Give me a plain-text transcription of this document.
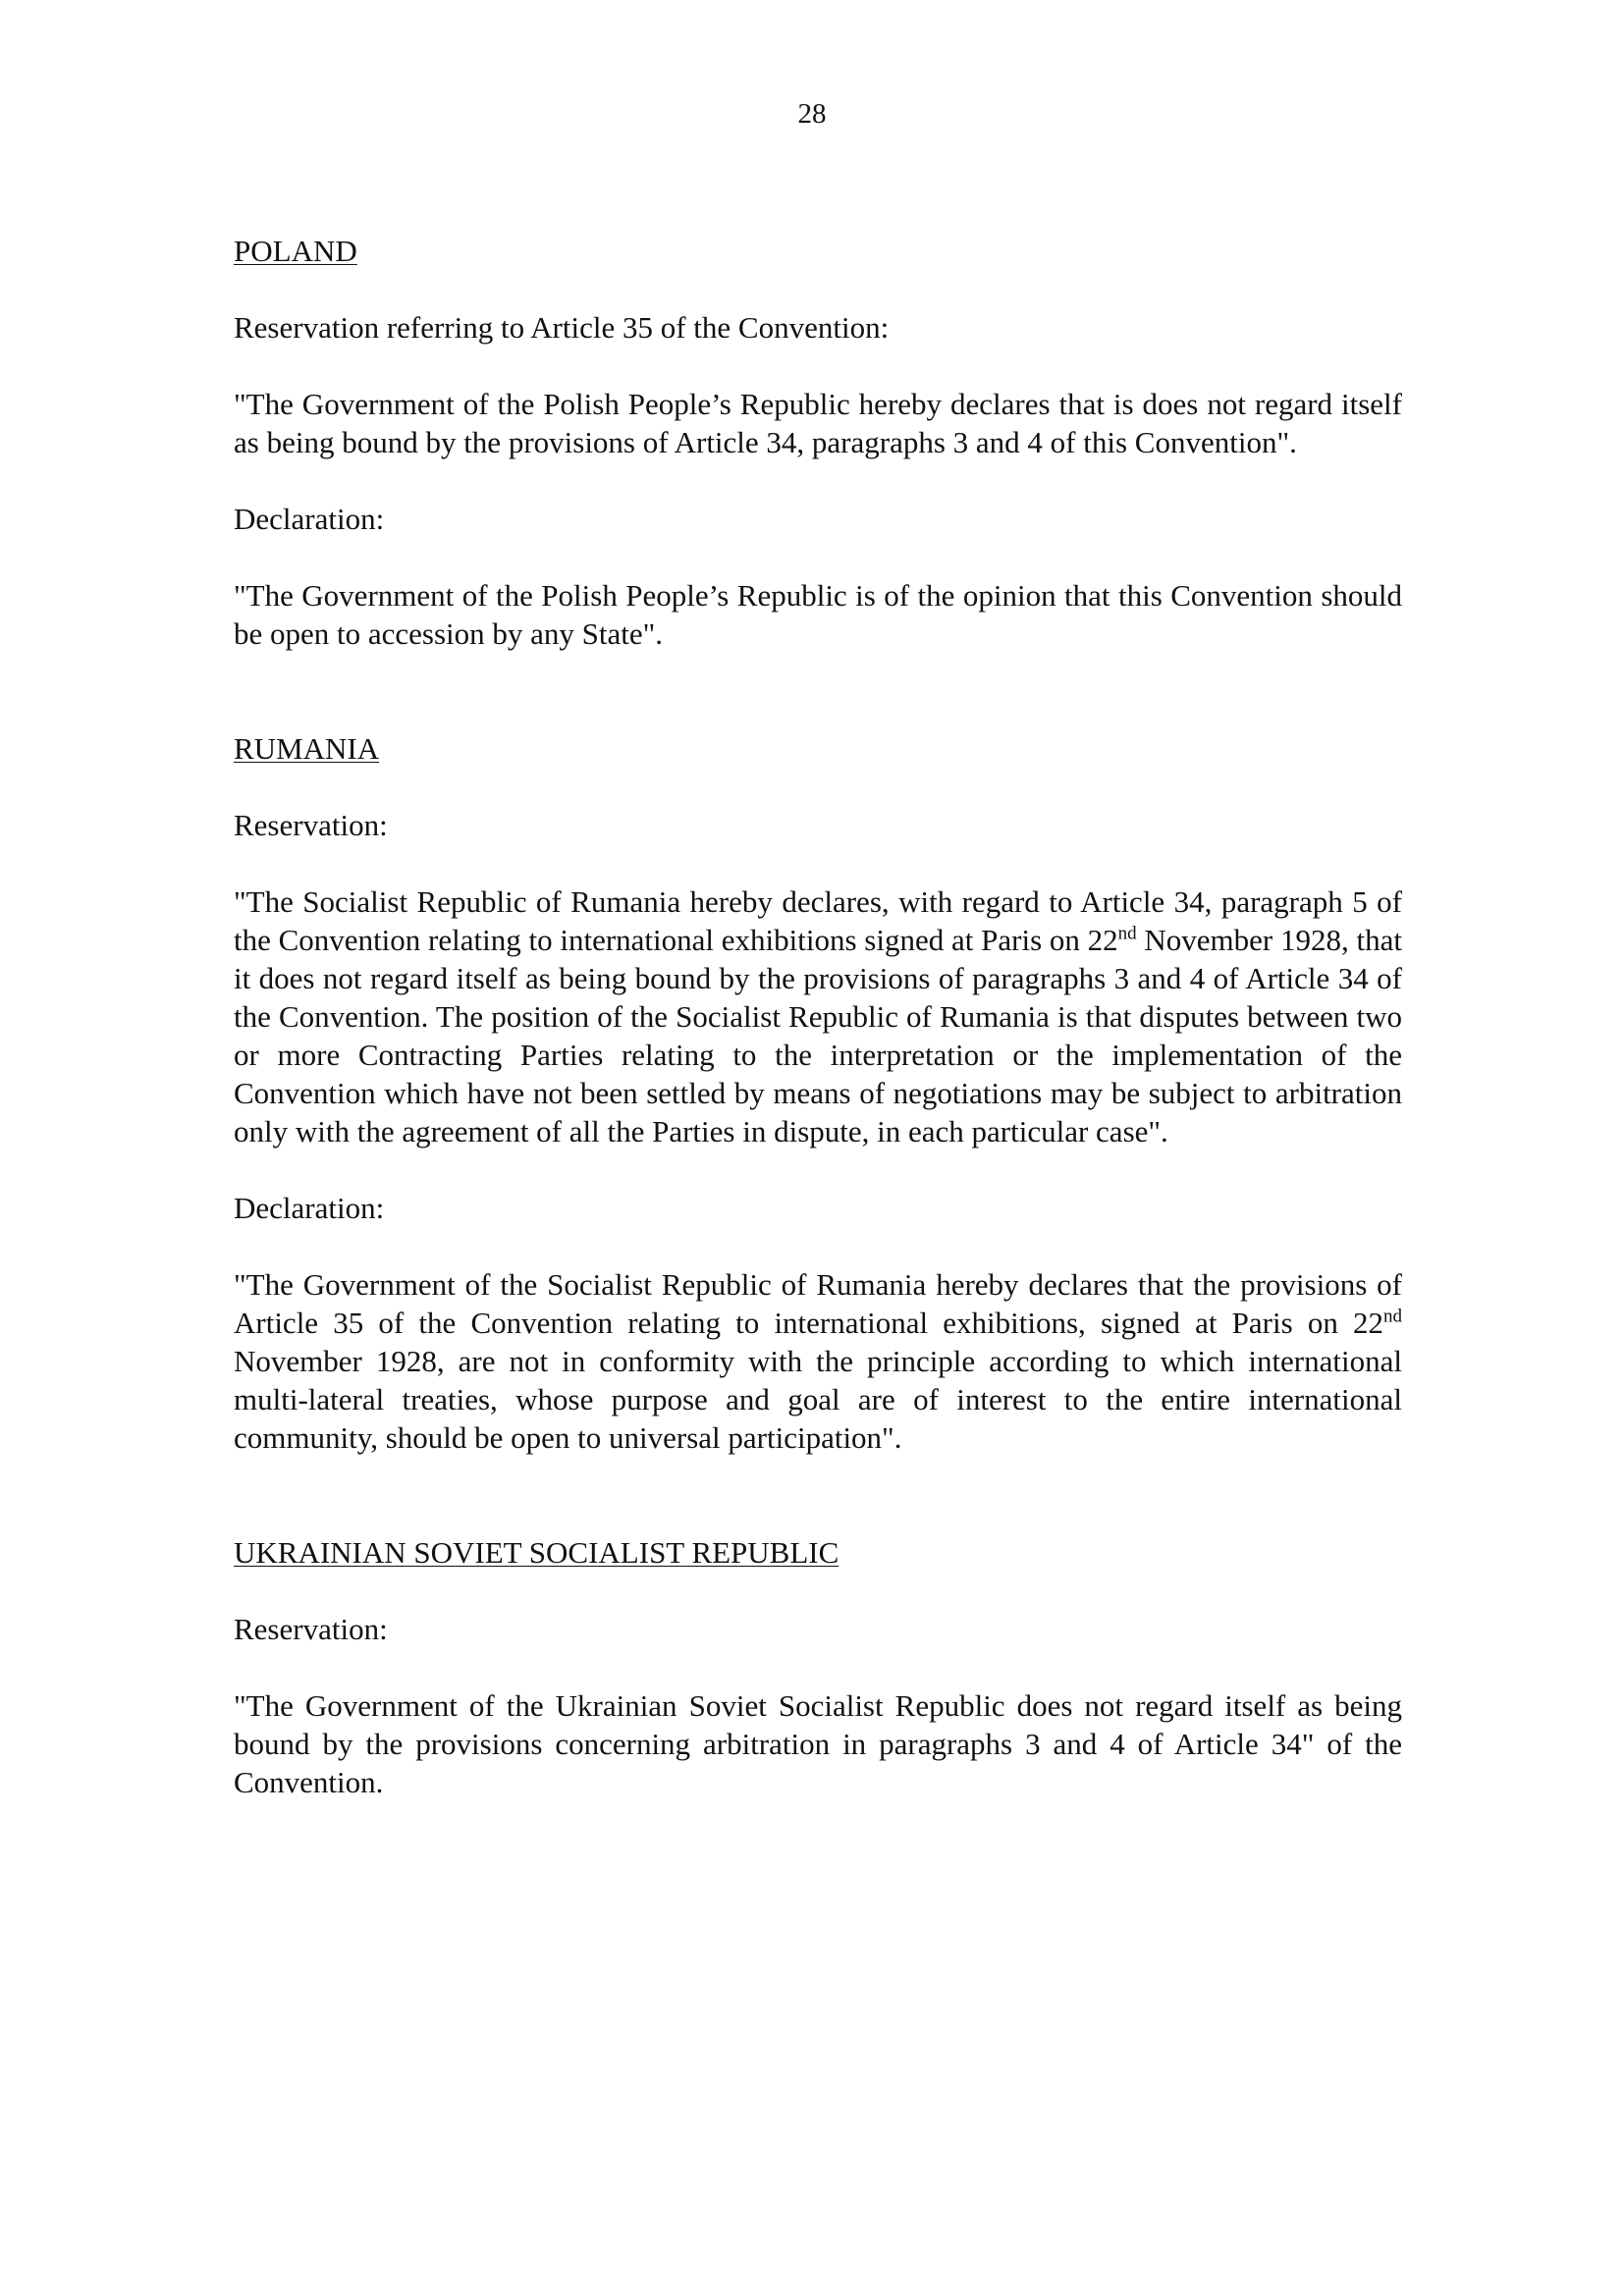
28
POLAND

Reservation referring to Article 35 of the Convention:

"The Government of the Polish People’s Republic hereby declares that is does not regard itself as being bound by the provisions of Article 34, paragraphs 3 and 4 of this Convention".

Declaration:

"The Government of the Polish People’s Republic is of the opinion that this Convention should be open to accession by any State".

RUMANIA

Reservation:

"The Socialist Republic of Rumania hereby declares, with regard to Article 34, paragraph 5 of the Convention relating to international exhibitions signed at Paris on 22nd November 1928, that it does not regard itself as being bound by the provisions of paragraphs 3 and 4 of Article 34 of the Convention. The position of the Socialist Republic of Rumania is that disputes between two or more Contracting Parties relating to the interpretation or the implementation of the Convention which have not been settled by means of negotiations may be subject to arbitration only with the agreement of all the Parties in dispute, in each particular case".

Declaration:

"The Government of the Socialist Republic of Rumania hereby declares that the provisions of Article 35 of the Convention relating to international exhibitions, signed at Paris on 22nd November 1928, are not in conformity with the principle according to which international multi-lateral treaties, whose purpose and goal are of interest to the entire international community, should be open to universal participation".

UKRAINIAN SOVIET SOCIALIST REPUBLIC

Reservation:

"The Government of the Ukrainian Soviet Socialist Republic does not regard itself as being bound by the provisions concerning arbitration in paragraphs 3 and 4 of Article 34" of the Convention.
